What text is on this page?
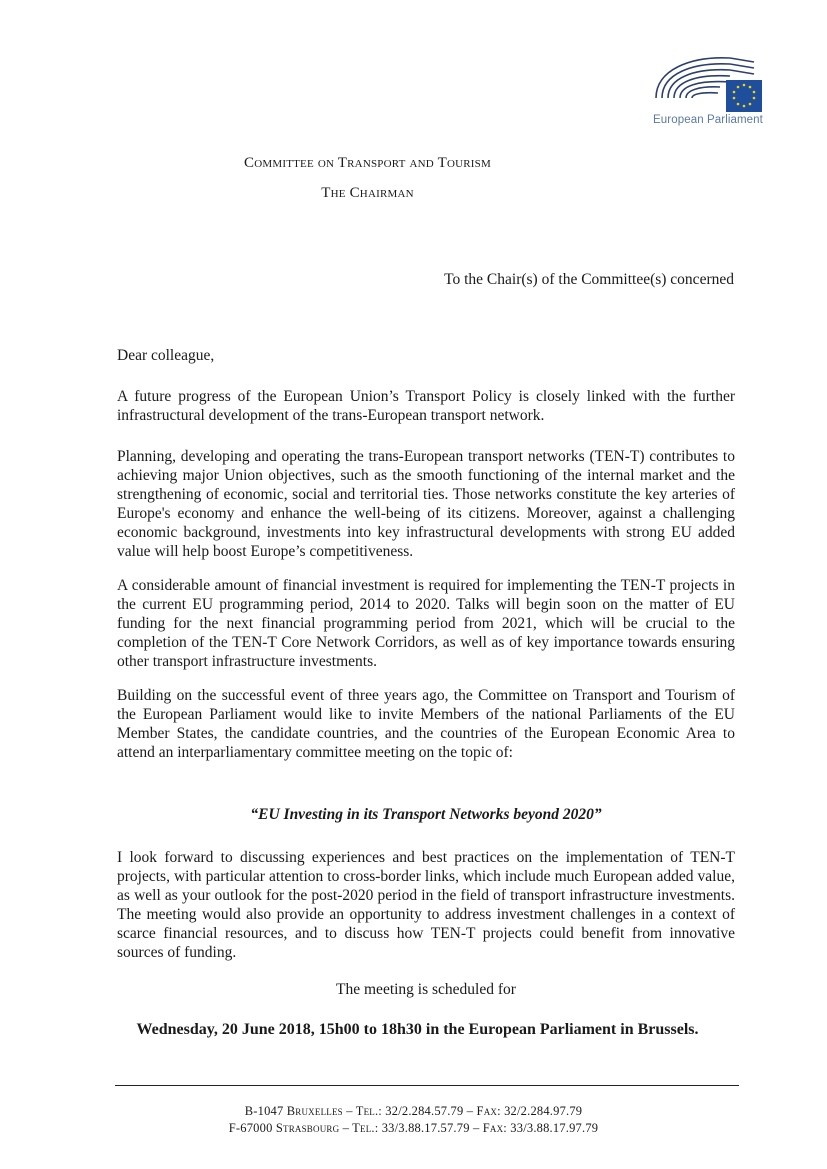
European Parliament
Committee on Transport and Tourism
The Chairman
To the Chair(s) of the Committee(s) concerned
Dear colleague,
A future progress of the European Union’s Transport Policy is closely linked with the further infrastructural development of the trans-European transport network.
Planning, developing and operating the trans-European transport networks (TEN-T) contributes to achieving major Union objectives, such as the smooth functioning of the internal market and the strengthening of economic, social and territorial ties. Those networks constitute the key arteries of Europe's economy and enhance the well-being of its citizens. Moreover, against a challenging economic background, investments into key infrastructural developments with strong EU added value will help boost Europe’s competitiveness.
A considerable amount of financial investment is required for implementing the TEN-T projects in the current EU programming period, 2014 to 2020. Talks will begin soon on the matter of EU funding for the next financial programming period from 2021, which will be crucial to the completion of the TEN-T Core Network Corridors, as well as of key importance towards ensuring other transport infrastructure investments.
Building on the successful event of three years ago, the Committee on Transport and Tourism of the European Parliament would like to invite Members of the national Parliaments of the EU Member States, the candidate countries, and the countries of the European Economic Area to attend an interparliamentary committee meeting on the topic of:
“EU Investing in its Transport Networks beyond 2020”
I look forward to discussing experiences and best practices on the implementation of TEN-T projects, with particular attention to cross-border links, which include much European added value, as well as your outlook for the post-2020 period in the field of transport infrastructure investments. The meeting would also provide an opportunity to address investment challenges in a context of scarce financial resources, and to discuss how TEN-T projects could benefit from innovative sources of funding.
The meeting is scheduled for
Wednesday, 20 June 2018, 15h00 to 18h30 in the European Parliament in Brussels.
B-1047 Bruxelles – Tel.: 32/2.284.57.79 – Fax: 32/2.284.97.79
F-67000 Strasbourg – Tel.: 33/3.88.17.57.79 – Fax: 33/3.88.17.97.79
